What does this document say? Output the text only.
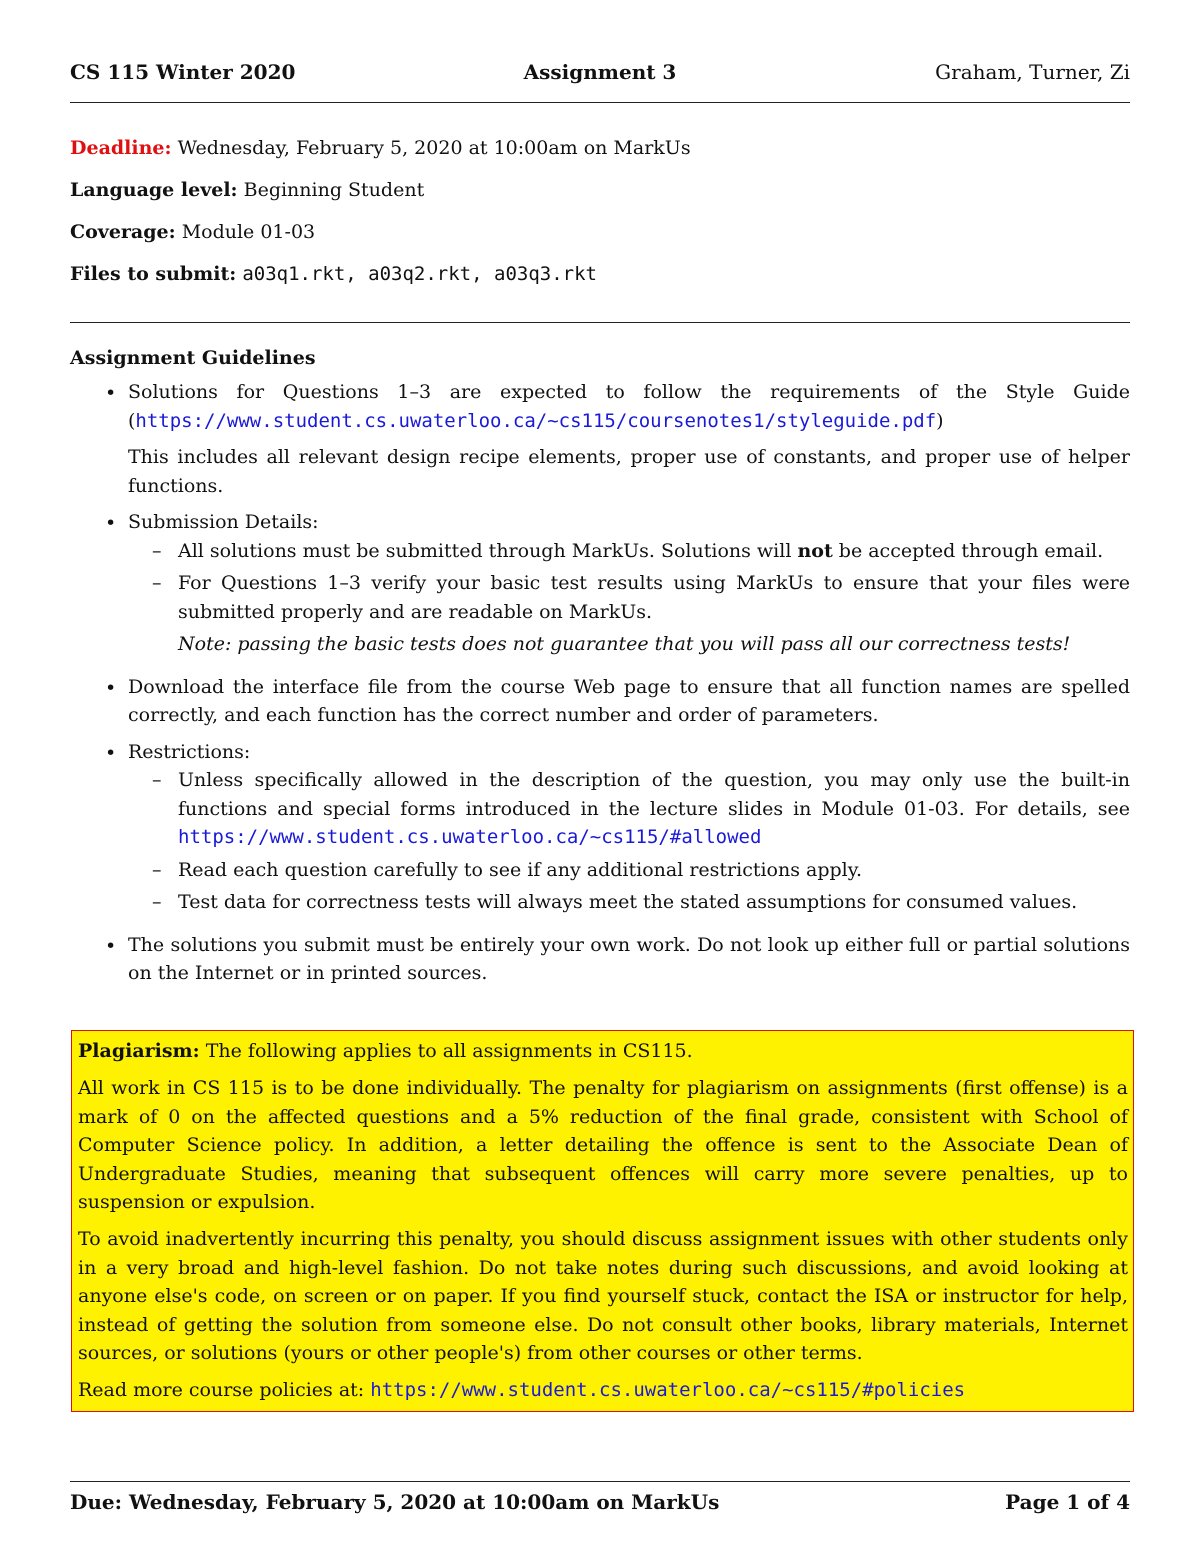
CS 115 Winter 2020	Assignment 3	Graham, Turner, Zi
Deadline: Wednesday, February 5, 2020 at 10:00am on MarkUs
Language level: Beginning Student
Coverage: Module 01-03
Files to submit: a03q1.rkt, a03q2.rkt, a03q3.rkt
Assignment Guidelines
• Solutions for Questions 1–3 are expected to follow the requirements of the Style Guide (https://www.student.cs.uwaterloo.ca/~cs115/coursenotes1/styleguide.pdf)

This includes all relevant design recipe elements, proper use of constants, and proper use of helper functions.

• Submission Details:
– All solutions must be submitted through MarkUs. Solutions will not be accepted through email.
– For Questions 1–3 verify your basic test results using MarkUs to ensure that your files were submitted properly and are readable on MarkUs.
Note: passing the basic tests does not guarantee that you will pass all our correctness tests!
• Download the interface file from the course Web page to ensure that all function names are spelled correctly, and each function has the correct number and order of parameters.
• Restrictions:
– Unless specifically allowed in the description of the question, you may only use the built-in functions and special forms introduced in the lecture slides in Module 01-03. For details, see https://www.student.cs.uwaterloo.ca/~cs115/#allowed
– Read each question carefully to see if any additional restrictions apply.
– Test data for correctness tests will always meet the stated assumptions for consumed values.
• The solutions you submit must be entirely your own work. Do not look up either full or partial solutions on the Internet or in printed sources.

Plagiarism: The following applies to all assignments in CS115.

All work in CS 115 is to be done individually. The penalty for plagiarism on assignments (first offense) is a mark of 0 on the affected questions and a 5% reduction of the final grade, consistent with School of Computer Science policy. In addition, a letter detailing the offence is sent to the Associate Dean of Undergraduate Studies, meaning that subsequent offences will carry more severe penalties, up to suspension or expulsion.

To avoid inadvertently incurring this penalty, you should discuss assignment issues with other students only in a very broad and high-level fashion. Do not take notes during such discussions, and avoid looking at anyone else's code, on screen or on paper. If you find yourself stuck, contact the ISA or instructor for help, instead of getting the solution from someone else. Do not consult other books, library materials, Internet sources, or solutions (yours or other people's) from other courses or other terms.

Read more course policies at: https://www.student.cs.uwaterloo.ca/~cs115/#policies

Due: Wednesday, February 5, 2020 at 10:00am on MarkUs	Page 1 of 4
